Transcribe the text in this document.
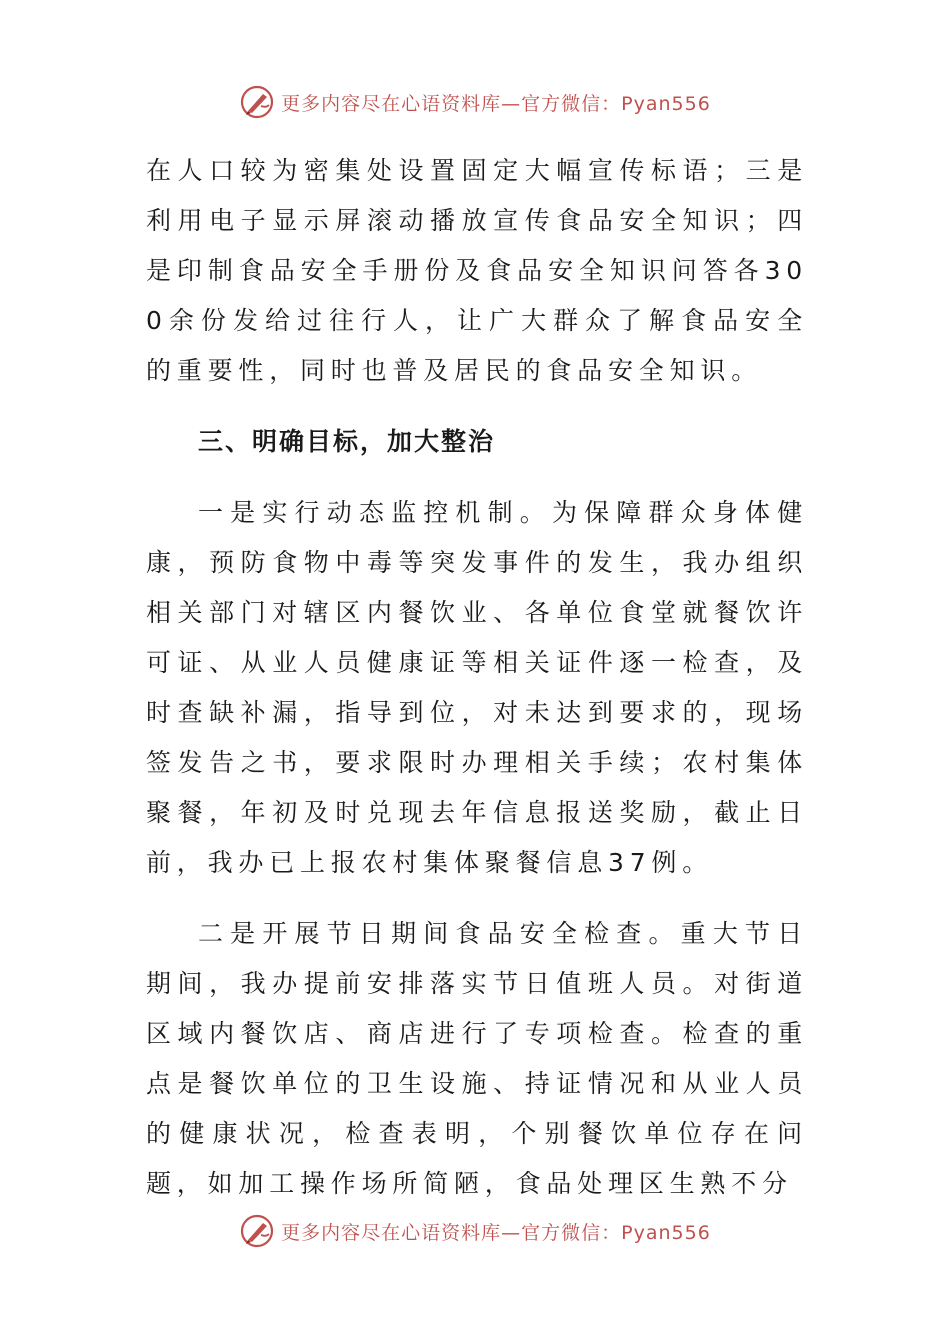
更多内容尽在心语资料库—官方微信：Pyan556

在人口较为密集处设置固定大幅宣传标语；三是利用电子显示屏滚动播放宣传食品安全知识；四是印制食品安全手册份及食品安全知识问答各300余份发给过往行人，让广大群众了解食品安全的重要性，同时也普及居民的食品安全知识。

三、明确目标，加大整治

一是实行动态监控机制。为保障群众身体健康，预防食物中毒等突发事件的发生，我办组织相关部门对辖区内餐饮业、各单位食堂就餐饮许可证、从业人员健康证等相关证件逐一检查，及时查缺补漏，指导到位，对未达到要求的，现场签发告之书，要求限时办理相关手续；农村集体聚餐，年初及时兑现去年信息报送奖励，截止日前，我办已上报农村集体聚餐信息37例。

二是开展节日期间食品安全检查。重大节日期间，我办提前安排落实节日值班人员。对街道区域内餐饮店、商店进行了专项检查。检查的重点是餐饮单位的卫生设施、持证情况和从业人员的健康状况，检查表明，个别餐饮单位存在问题，如加工操作场所简陋，食品处理区生熟不分

更多内容尽在心语资料库—官方微信：Pyan556
